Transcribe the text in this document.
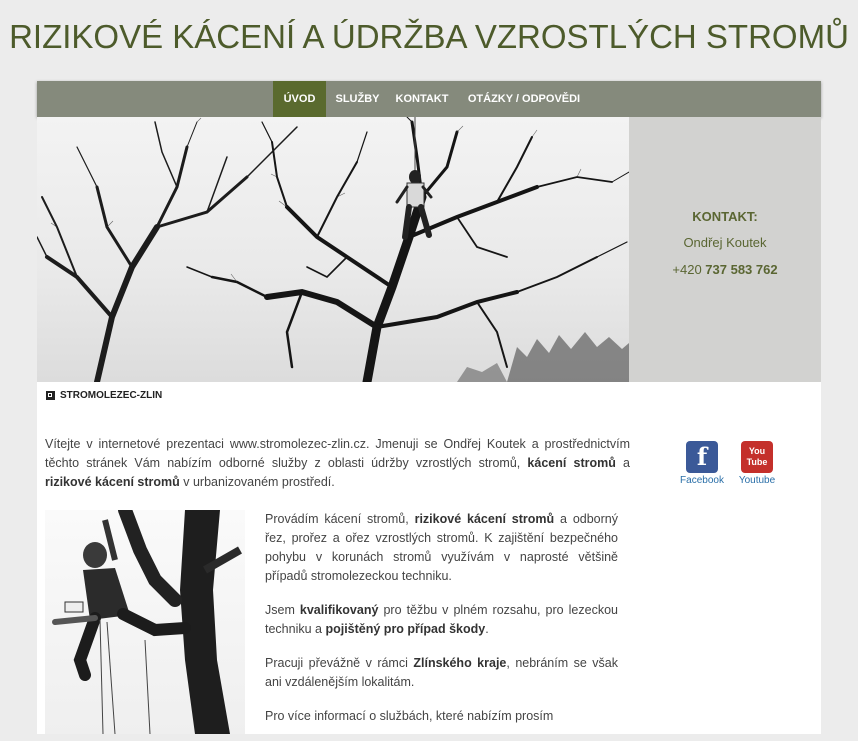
RIZIKOVÉ KÁCENÍ A ÚDRŽBA VZROSTLÝCH STROMŮ
ÚVOD	SLUŽBY	KONTAKT	OTÁZKY / ODPOVĚDI
KONTAKT:
Ondřej Koutek
+420 737 583 762
STROMOLEZEC-ZLIN
Vítejte v internetové prezentaci www.stromolezec-zlin.cz. Jmenuji se Ondřej Koutek a prostřednictvím těchto stránek Vám nabízím odborné služby z oblasti údržby vzrostlých stromů, kácení stromů a rizikové kácení stromů v urbanizovaném prostředí.
f
Facebook
You
Tube
Youtube

Provádím kácení stromů, rizikové kácení stromů a odborný řez, prořez a ořez vzrostlých stromů. K zajištění bezpečného pohybu v korunách stromů využívám v naprosté většině případů stromolezeckou techniku.

Jsem kvalifikovaný pro těžbu v plném rozsahu, pro lezeckou techniku a pojištěný pro případ škody.

Pracuji převážně v rámci Zlínského kraje, nebráním se však ani vzdálenějším lokalitám.

Pro více informací o službách, které nabízím prosím
